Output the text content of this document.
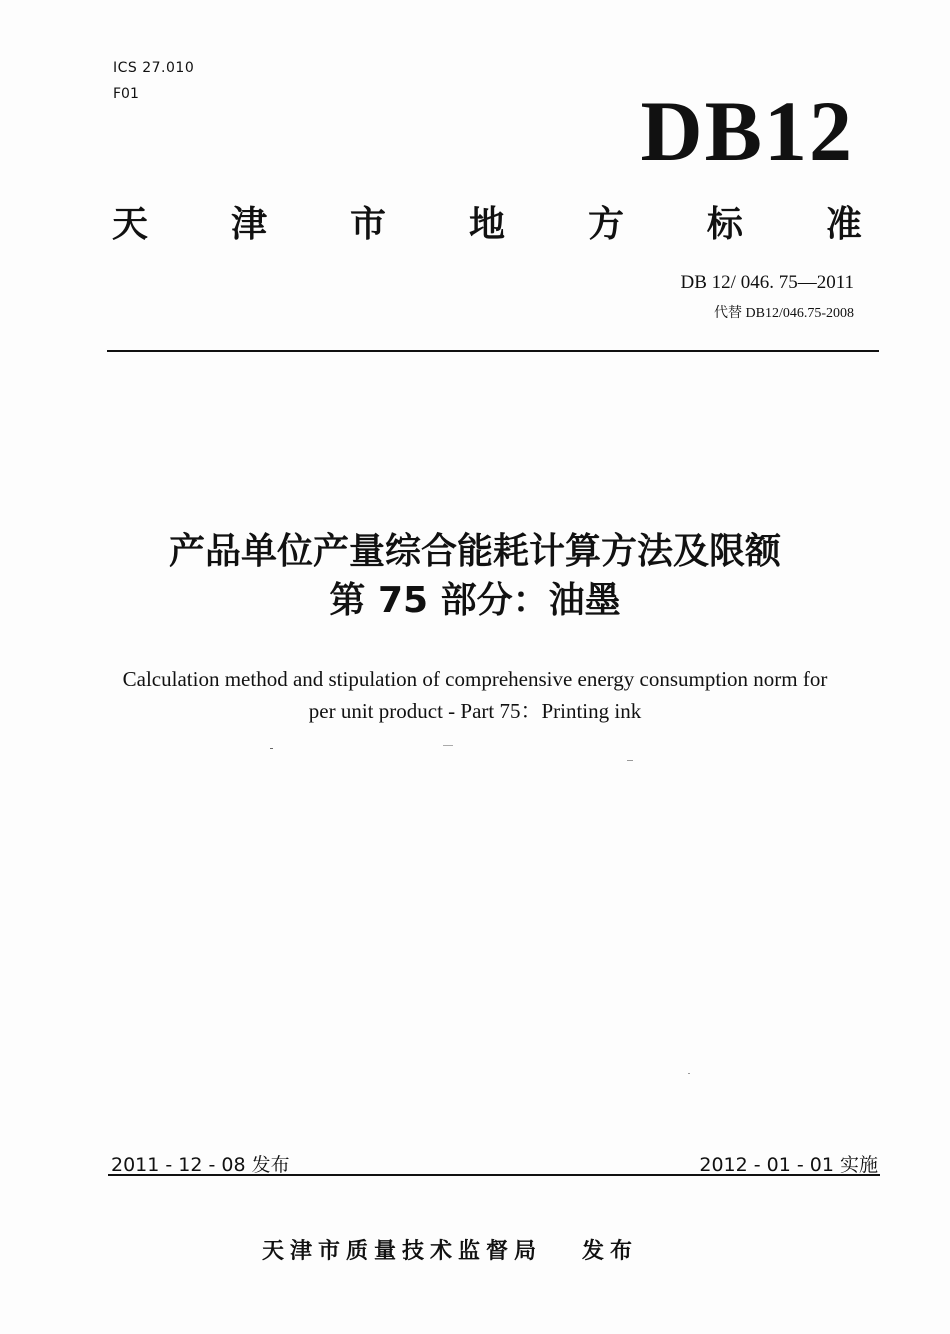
ICS 27.010
F01	DB12
天 津 市 地 方 标 准
DB 12/ 046. 75—2011
代替 DB12/046.75-2008
产品单位产量综合能耗计算方法及限额
第 75 部分：油墨
Calculation method and stipulation of comprehensive energy consumption norm for
per unit product - Part 75：Printing ink
2011 - 12 - 08 发布	2012 - 01 - 01 实施
天津市质量技术监督局 发布
